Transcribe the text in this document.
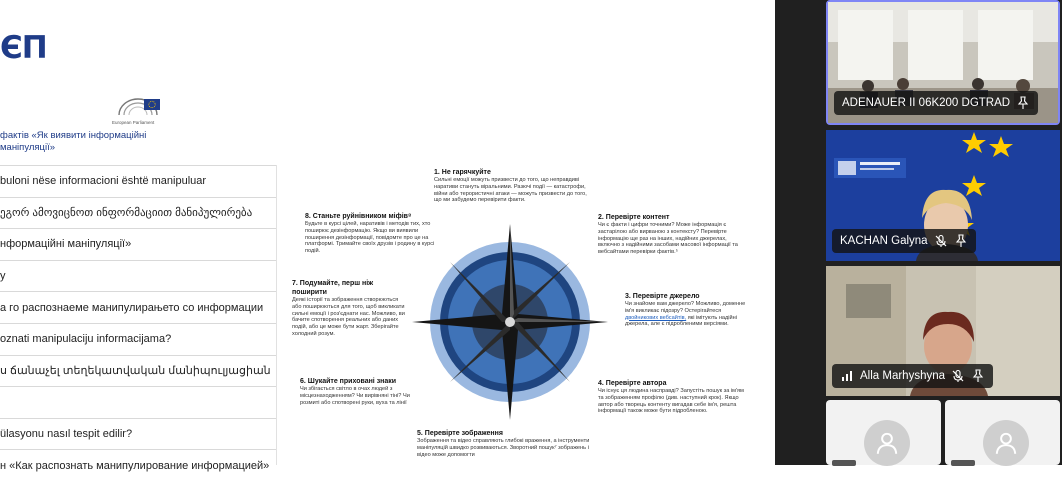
ЄП
European Parliament
фактів «Як виявити інформаційні маніпуляції»
buloni nëse informacioni është manipuluar
ეგორ ამოვიცნოთ ინფორმაციით მანიპულირება
нформаційні маніпуляції»
у
а го распознаеме манипулирањето со информации
oznati manipulaciju informacijama?
ս ճանաչել տեղեկատվական մանիպուլյացիան
ülasyonu nasıl tespit edilir?
н «Как распознать манипулирование информацией»
1. Не гарячкуйте
Сильні емоції можуть призвести до того, що неправдиві наративи стануть віральними. Разючі події — катастрофи, війни або терористичні атаки — можуть призвести до того, що ми забудемо перевірити факти.
2. Перевірте контент
Чи є факти і цифри точними? Може інформація є застарілою або вирваною з контексту? Перевірте інформацію ще раз на інших, надійних джерелах, включно з надійними засобами масової інформації та вебсайтами перевірки фактів.⁵
3. Перевірте джерело
Чи знайоме вам джерело? Можливо, доменне ім'я викликає підозру? Остерігайтеся двойникових вебсайтів, які імітують надійні джерела, але є підробленими версіями.
4. Перевірте автора
Чи існує ця людина насправді? Запустіть пошук за ім'ям та зображенням профілю (див. наступний крок). Якщо автор або творець контенту вигадав себе ім'я, решта інформації також може бути підробленою.
5. Перевірте зображення
Зображення та відео справляють глибокі враження, а інструменти маніпуляцій швидко розвиваються. Зворотний пошук⁷ зображень і відео може допомогти
6. Шукайте приховані знаки
Чи збігається світло в очах людей з місцезнаходженням? Чи вирівняні тіні? Чи розмиті або спотворені руки, вуха та лінії
7. Подумайте, перш ніж поширити
Деякі історії та зображення створюються або поширюються для того, щоб викликати сильні емоції і роз'єднати нас. Можливо, ви бачите спотворення реальних або даних подій, або це може бути жарт. Зберігайте холодний розум.
8. Станьте руйнівником міфів⁸
Будьте в курсі цілей, наративів і методів тих, хто поширює дезінформацію. Якщо ви виявили поширення дезінформації, повідомте про це на платформі. Тримайте своїх друзів і родину в курсі подій.
ADENAUER II 06K200 DGTRAD
KACHAN Galyna
Alla Marhyshyna
